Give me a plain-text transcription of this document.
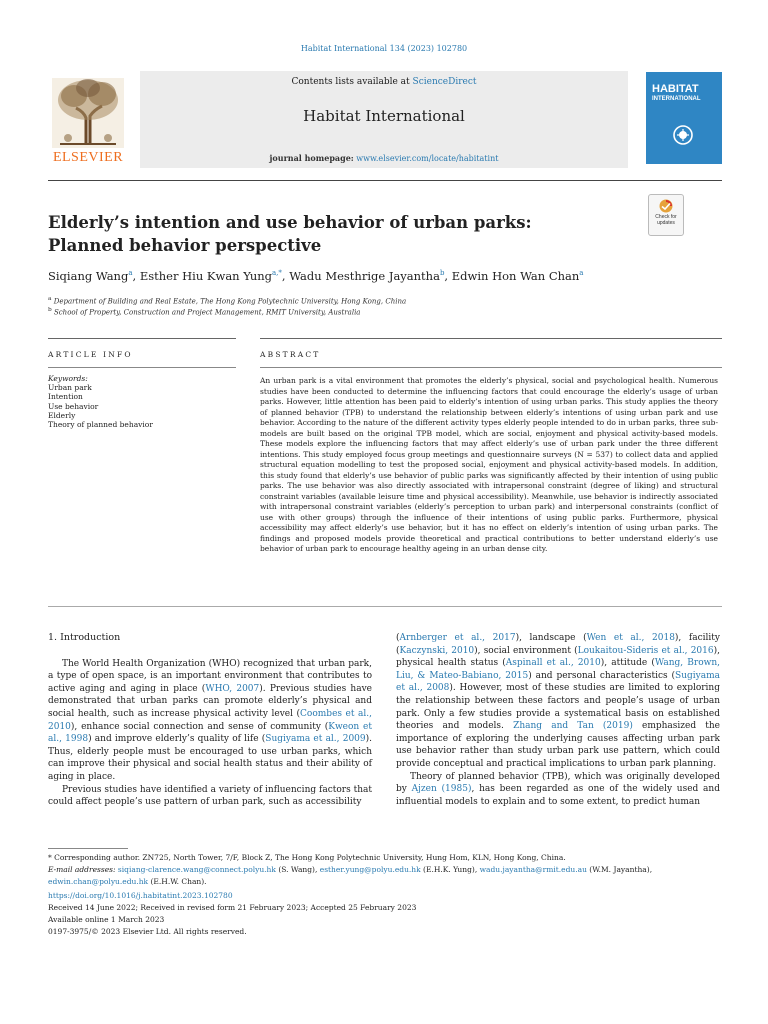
Habitat International 134 (2023) 102780
ELSEVIER
Contents lists available at ScienceDirect
Habitat International
journal homepage: www.elsevier.com/locate/habitatint
HABITAT
INTERNATIONAL
Elderly’s intention and use behavior of urban parks: Planned behavior perspective
Check for
updates
Siqiang Wang$^a$, Esther Hiu Kwan Yung$^{a,*}$, Wadu Mesthrige Jayantha$^b$, Edwin Hon Wan Chan$^a$
$^a$ Department of Building and Real Estate, The Hong Kong Polytechnic University, Hong Kong, China
$^b$ School of Property, Construction and Project Management, RMIT University, Australia
ARTICLE INFO	ABSTRACT
Keywords:
Urban park
Intention
Use behavior
Elderly
Theory of planned behavior
An urban park is a vital environment that promotes the elderly’s physical, social and psychological health. Numerous studies have been conducted to determine the influencing factors that could encourage the elderly’s usage of urban parks. However, little attention has been paid to elderly’s intention of using urban parks. This study applies the theory of planned behavior (TPB) to understand the relationship between elderly’s intentions of using urban park and use behavior. According to the nature of the different activity types elderly people intended to do in urban parks, three sub-models are built based on the original TPB model, which are social, enjoyment and physical activity-based models. These models explore the influencing factors that may affect elderly’s use of urban park under the three different intentions. This study employed focus group meetings and questionnaire surveys (N = 537) to collect data and applied structural equation modelling to test the proposed social, enjoyment and physical activity-based models. In addition, this study found that elderly’s use behavior of public parks was significantly affected by their intention of using public parks. The use behavior was also directly associated with intrapersonal constraint (degree of liking) and structural constraint variables (available leisure time and physical accessibility). Meanwhile, use behavior is indirectly associated with intrapersonal constraint variables (elderly’s perception to urban park) and interpersonal constraints (conflict of use with other groups) through the influence of their intentions of using public parks. Furthermore, physical accessibility may affect elderly’s use behavior, but it has no effect on elderly’s intention of using urban parks. The findings and proposed models provide theoretical and practical contributions to better understand elderly’s use behavior of urban park to encourage healthy ageing in an urban dense city.

1. Introduction

The World Health Organization (WHO) recognized that urban park, a type of open space, is an important environment that contributes to active aging and aging in place (WHO, 2007). Previous studies have demonstrated that urban parks can promote elderly’s physical and social health, such as increase physical activity level (Coombes et al., 2010), enhance social connection and sense of community (Kweon et al., 1998) and improve elderly’s quality of life (Sugiyama et al., 2009). Thus, elderly people must be encouraged to use urban parks, which can improve their physical and social health status and their ability of aging in place.

Previous studies have identified a variety of influencing factors that could affect people’s use pattern of urban park, such as accessibility

(Arnberger et al., 2017), landscape (Wen et al., 2018), facility (Kaczynski, 2010), social environment (Loukaitou-Sideris et al., 2016), physical health status (Aspinall et al., 2010), attitude (Wang, Brown, Liu, & Mateo-Babiano, 2015) and personal characteristics (Sugiyama et al., 2008). However, most of these studies are limited to exploring the relationship between these factors and people’s usage of urban park. Only a few studies provide a systematical basis on established theories and models. Zhang and Tan (2019) emphasized the importance of exploring the underlying causes affecting urban park use behavior rather than study urban park use pattern, which could provide conceptual and practical implications to urban park planning.

Theory of planned behavior (TPB), which was originally developed by Ajzen (1985), has been regarded as one of the widely used and influential models to explain and to some extent, to predict human

* Corresponding author. ZN725, North Tower, 7/F, Block Z, The Hong Kong Polytechnic University, Hung Hom, KLN, Hong Kong, China.

E-mail addresses: siqiang-clarence.wang@connect.polyu.hk (S. Wang), esther.yung@polyu.edu.hk (E.H.K. Yung), wadu.jayantha@rmit.edu.au (W.M. Jayantha),
edwin.chan@polyu.edu.hk (E.H.W. Chan).

https://doi.org/10.1016/j.habitatint.2023.102780

Received 14 June 2022; Received in revised form 21 February 2023; Accepted 25 February 2023

Available online 1 March 2023

0197-3975/© 2023 Elsevier Ltd. All rights reserved.
